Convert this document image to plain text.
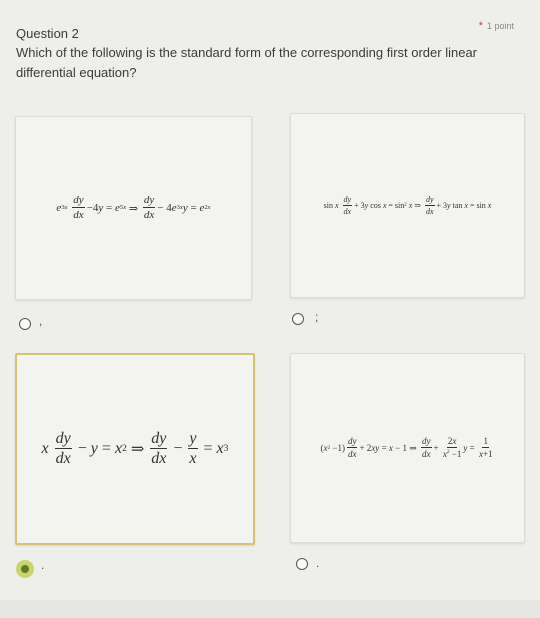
Question 2	* 1 point
Which of the following is the standard form of the corresponding first order linear differential equation?
e 3x
$\frac{dy}{dx} -4$ y = e 5x ⇒ $\frac{dy}{dx} - 4$ e 3x y = e 2x
,
sin x
$\frac{dy}{dx} + 3$ y cos x = sin 2
x ⇒ $\frac{dy}{dx} + 3$ y tan x = sin x
;
x
$\frac{dy}{dx} - y = x$ 2 ⇒ $\frac{dy}{dx} - \frac{y}{x} = x$ 3
.
( x $2 -1) \frac{dy}{dx} + 2$ xy = x − 1 ⇒ $\frac{dy}{dx} + \frac{2x}{x^2 -1}$ $y = \frac{1}{x+1}$
.
